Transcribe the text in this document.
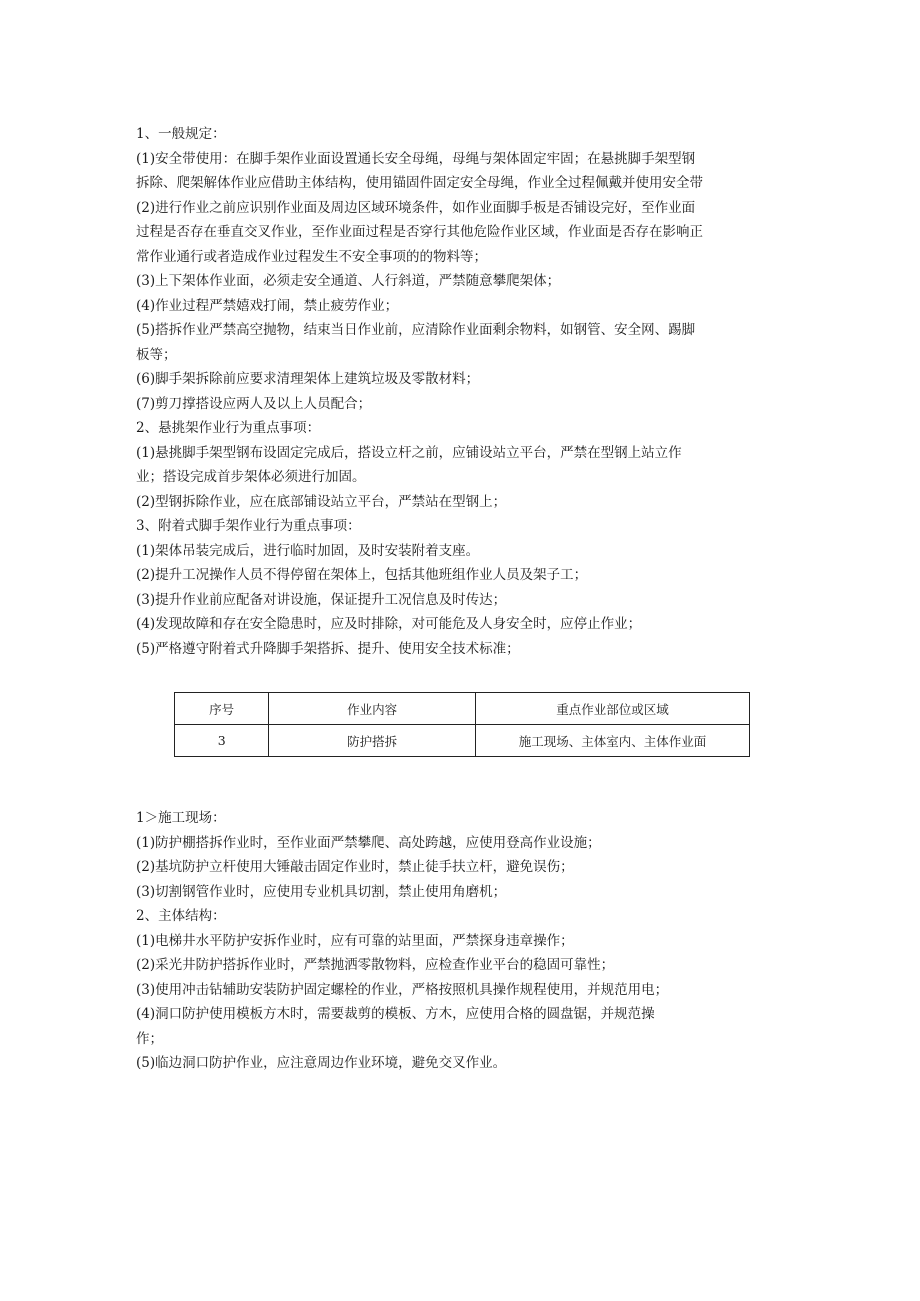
1、一般规定：

(1)安全带使用：在脚手架作业面设置通长安全母绳，母绳与架体固定牢固；在悬挑脚手架型钢

拆除、爬架解体作业应借助主体结构，使用锚固件固定安全母绳，作业全过程佩戴并使用安全带

(2)进行作业之前应识别作业面及周边区域环境条件，如作业面脚手板是否铺设完好，至作业面

过程是否存在垂直交叉作业，至作业面过程是否穿行其他危险作业区域，作业面是否存在影响正

常作业通行或者造成作业过程发生不安全事项的的物料等；

(3)上下架体作业面，必须走安全通道、人行斜道，严禁随意攀爬架体；

(4)作业过程严禁嬉戏打闹，禁止疲劳作业；

(5)搭拆作业严禁高空抛物，结束当日作业前，应清除作业面剩余物料，如钢管、安全网、踢脚

板等；

(6)脚手架拆除前应要求清理架体上建筑垃圾及零散材料；

(7)剪刀撑搭设应两人及以上人员配合；

2、悬挑架作业行为重点事项：

(1)悬挑脚手架型钢布设固定完成后，搭设立杆之前，应铺设站立平台，严禁在型钢上站立作

业；搭设完成首步架体必须进行加固。

(2)型钢拆除作业，应在底部铺设站立平台，严禁站在型钢上；

3、附着式脚手架作业行为重点事项：

(1)架体吊装完成后，进行临时加固，及时安装附着支座。

(2)提升工况操作人员不得停留在架体上，包括其他班组作业人员及架子工；

(3)提升作业前应配备对讲设施，保证提升工况信息及时传达；

(4)发现故障和存在安全隐患时，应及时排除，对可能危及人身安全时，应停止作业；

(5)严格遵守附着式升降脚手架搭拆、提升、使用安全技术标准；

序号	作业内容	重点作业部位或区域
3	防护搭拆	施工现场、主体室内、主体作业面

1＞施工现场：

(1)防护棚搭拆作业时，至作业面严禁攀爬、高处跨越，应使用登高作业设施；

(2)基坑防护立杆使用大锤敲击固定作业时，禁止徒手扶立杆，避免误伤；

(3)切割钢管作业时，应使用专业机具切割，禁止使用角磨机；

2、主体结构：

(1)电梯井水平防护安拆作业时，应有可靠的站里面，严禁探身违章操作；

(2)采光井防护搭拆作业时，严禁抛洒零散物料，应检查作业平台的稳固可靠性；

(3)使用冲击钻辅助安装防护固定螺栓的作业，严格按照机具操作规程使用，并规范用电；

(4)洞口防护使用模板方木时，需要裁剪的模板、方木，应使用合格的圆盘锯，并规范操

作；

(5)临边洞口防护作业，应注意周边作业环境，避免交叉作业。
